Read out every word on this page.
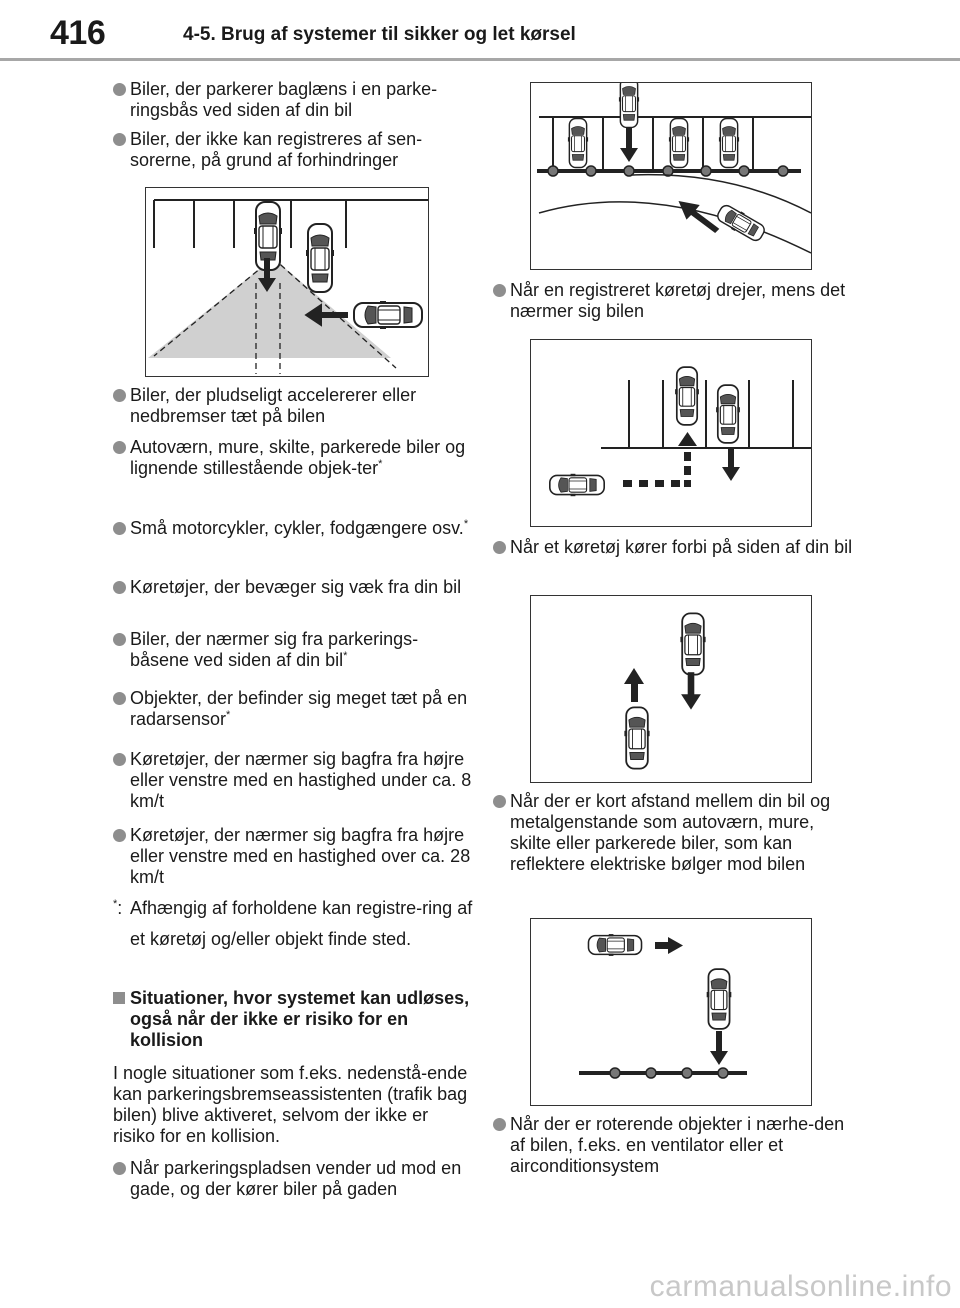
416	4-5. Brug af systemer til sikker og let kørsel
Biler, der parkerer baglæns i en parke-ringsbås ved siden af din bil
Biler, der ikke kan registreres af sen-sorerne, på grund af forhindringer
Biler, der pludseligt accelererer eller nedbremser tæt på bilen
Autoværn, mure, skilte, parkerede biler og lignende stillestående objek-ter*
Små motorcykler, cykler, fodgængere osv.*
Køretøjer, der bevæger sig væk fra din bil
Biler, der nærmer sig fra parkerings-båsene ved siden af din bil*
Objekter, der befinder sig meget tæt på en radarsensor*
Køretøjer, der nærmer sig bagfra fra højre eller venstre med en hastighed under ca. 8 km/t
Køretøjer, der nærmer sig bagfra fra højre eller venstre med en hastighed over ca. 28 km/t
*: Afhængig af forholdene kan registre-ring af et køretøj og/eller objekt finde sted.
Situationer, hvor systemet kan udløses, også når der ikke er risiko for en kollision
I nogle situationer som f.eks. nedenstå-ende kan parkeringsbremseassistenten (trafik bag bilen) blive aktiveret, selvom der ikke er risiko for en kollision.
Når parkeringspladsen vender ud mod en gade, og der kører biler på gaden
Når en registreret køretøj drejer, mens det nærmer sig bilen
Når et køretøj kører forbi på siden af din bil
Når der er kort afstand mellem din bil og metalgenstande som autoværn, mure, skilte eller parkerede biler, som kan reflektere elektriske bølger mod bilen
Når der er roterende objekter i nærhe-den af bilen, f.eks. en ventilator eller et airconditionsystem
carmanualsonline.info
